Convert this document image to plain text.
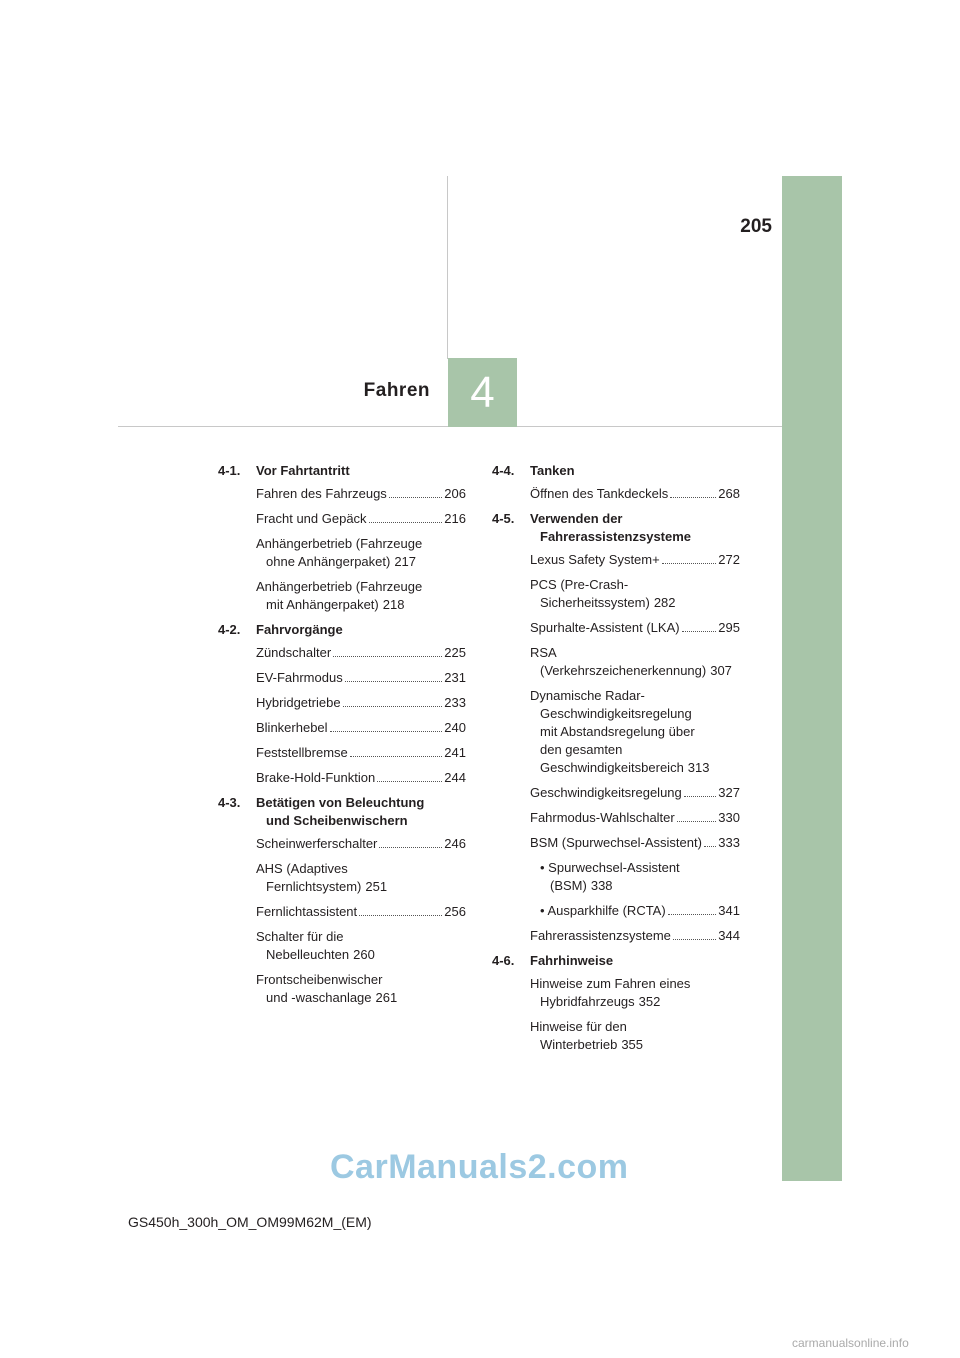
205
Fahren 4
4-1.	Vor Fahrtantritt
Fahren des Fahrzeugs	206
Fracht und Gepäck	216
Anhängerbetrieb (Fahrzeuge

ohne Anhängerpaket) 217
Anhängerbetrieb (Fahrzeuge

mit Anhängerpaket) 218
4-2.	Fahrvorgänge
Zündschalter	225
EV-Fahrmodus	231
Hybridgetriebe	233
Blinkerhebel	240
Feststellbremse	241
Brake-Hold-Funktion	244
4-3.	Betätigen von Beleuchtung
und Scheibenwischern
Scheinwerferschalter	246
AHS (Adaptives

Fernlichtsystem) 251
Fernlichtassistent	256
Schalter für die

Nebelleuchten 260
Frontscheibenwischer

und -waschanlage 261
4-4.	Tanken
Öffnen des Tankdeckels	268
4-5.	Verwenden der
Fahrerassistenzsysteme
Lexus Safety System+	272
PCS (Pre-Crash-

Sicherheitssystem) 282
Spurhalte-Assistent (LKA)	295
RSA

(Verkehrszeichenerkennung) 307
Dynamische Radar-

Geschwindigkeitsregelung
mit Abstandsregelung über
den gesamten
Geschwindigkeitsbereich 313
Geschwindigkeitsregelung	327
Fahrmodus-Wahlschalter	330
BSM (Spurwechsel-Assistent) 333
• Spurwechsel-Assistent

(BSM) 338
• Ausparkhilfe (RCTA)	341
Fahrerassistenzsysteme	344
4-6.	Fahrhinweise
Hinweise zum Fahren eines

Hybridfahrzeugs 352
Hinweise für den

Winterbetrieb 355
CarManuals2.com
GS450h_300h_OM_OM99M62M_(EM)
carmanualsonline.info
